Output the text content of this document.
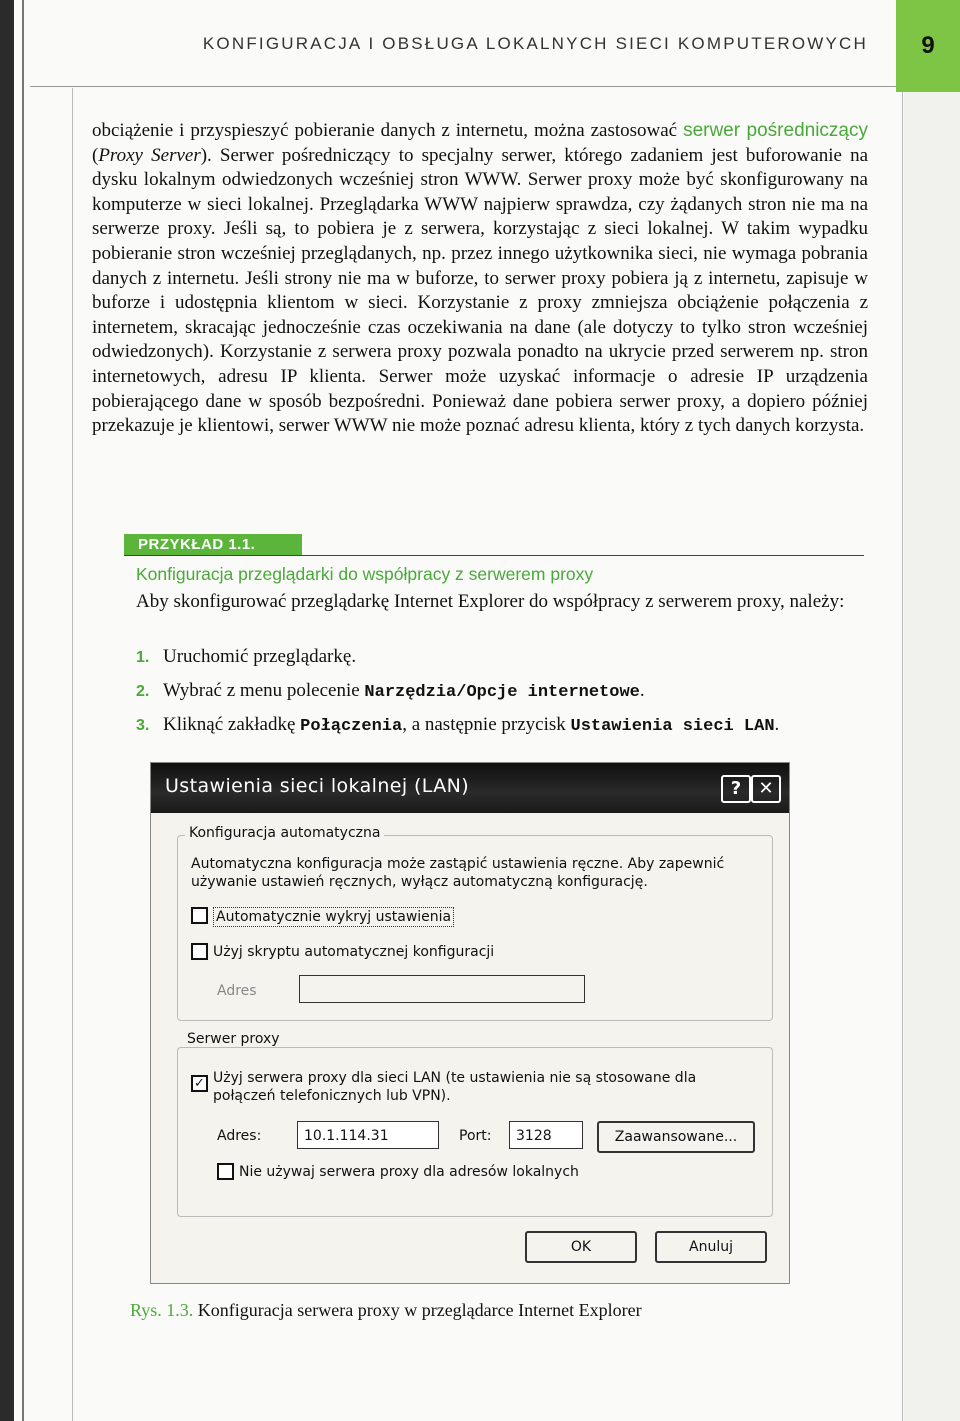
KONFIGURACJA I OBSŁUGA LOKALNYCH SIECI KOMPUTEROWYCH	9
obciążenie i przyspieszyć pobieranie danych z internetu, można zastosować serwer pośredniczący (Proxy Server). Serwer pośredniczący to specjalny serwer, którego zadaniem jest buforowanie na dysku lokalnym odwiedzonych wcześniej stron WWW. Serwer proxy może być skonfigurowany na komputerze w sieci lokalnej. Przeglądarka WWW najpierw sprawdza, czy żądanych stron nie ma na serwerze proxy. Jeśli są, to pobiera je z serwera, korzystając z sieci lokalnej. W takim wypadku pobieranie stron wcześniej przeglądanych, np. przez innego użytkownika sieci, nie wymaga pobrania danych z internetu. Jeśli strony nie ma w buforze, to serwer proxy pobiera ją z internetu, zapisuje w buforze i udostępnia klientom w sieci. Korzystanie z proxy zmniejsza obciążenie połączenia z internetem, skracając jednocześnie czas oczekiwania na dane (ale dotyczy to tylko stron wcześniej odwiedzonych). Korzystanie z serwera proxy pozwala ponadto na ukrycie przed serwerem np. stron internetowych, adresu IP klienta. Serwer może uzyskać informacje o adresie IP urządzenia pobierającego dane w sposób bezpośredni. Ponieważ dane pobiera serwer proxy, a dopiero później przekazuje je klientowi, serwer WWW nie może poznać adresu klienta, który z tych danych korzysta.
PRZYKŁAD 1.1.
Konfiguracja przeglądarki do współpracy z serwerem proxy
Aby skonfigurować przeglądarkę Internet Explorer do współpracy z serwerem proxy, należy:
1. Uruchomić przeglądarkę.
2. Wybrać z menu polecenie Narzędzia/Opcje internetowe.
3. Kliknąć zakładkę Połączenia, a następnie przycisk Ustawienia sieci LAN.
Ustawienia sieci lokalnej (LAN)	? ✕
Konfiguracja automatyczna
Automatyczna konfiguracja może zastąpić ustawienia ręczne. Aby zapewnić używanie ustawień ręcznych, wyłącz automatyczną konfigurację.
Automatycznie wykryj ustawienia
Użyj skryptu automatycznej konfiguracji
Adres
Serwer proxy
✓ Użyj serwera proxy dla sieci LAN (te ustawienia nie są stosowane dla połączeń telefonicznych lub VPN).
Adres:	10.1.114.31	Port:	3128	Zaawansowane...
Nie używaj serwera proxy dla adresów lokalnych
OK	Anuluj
Rys. 1.3. Konfiguracja serwera proxy w przeglądarce Internet Explorer
